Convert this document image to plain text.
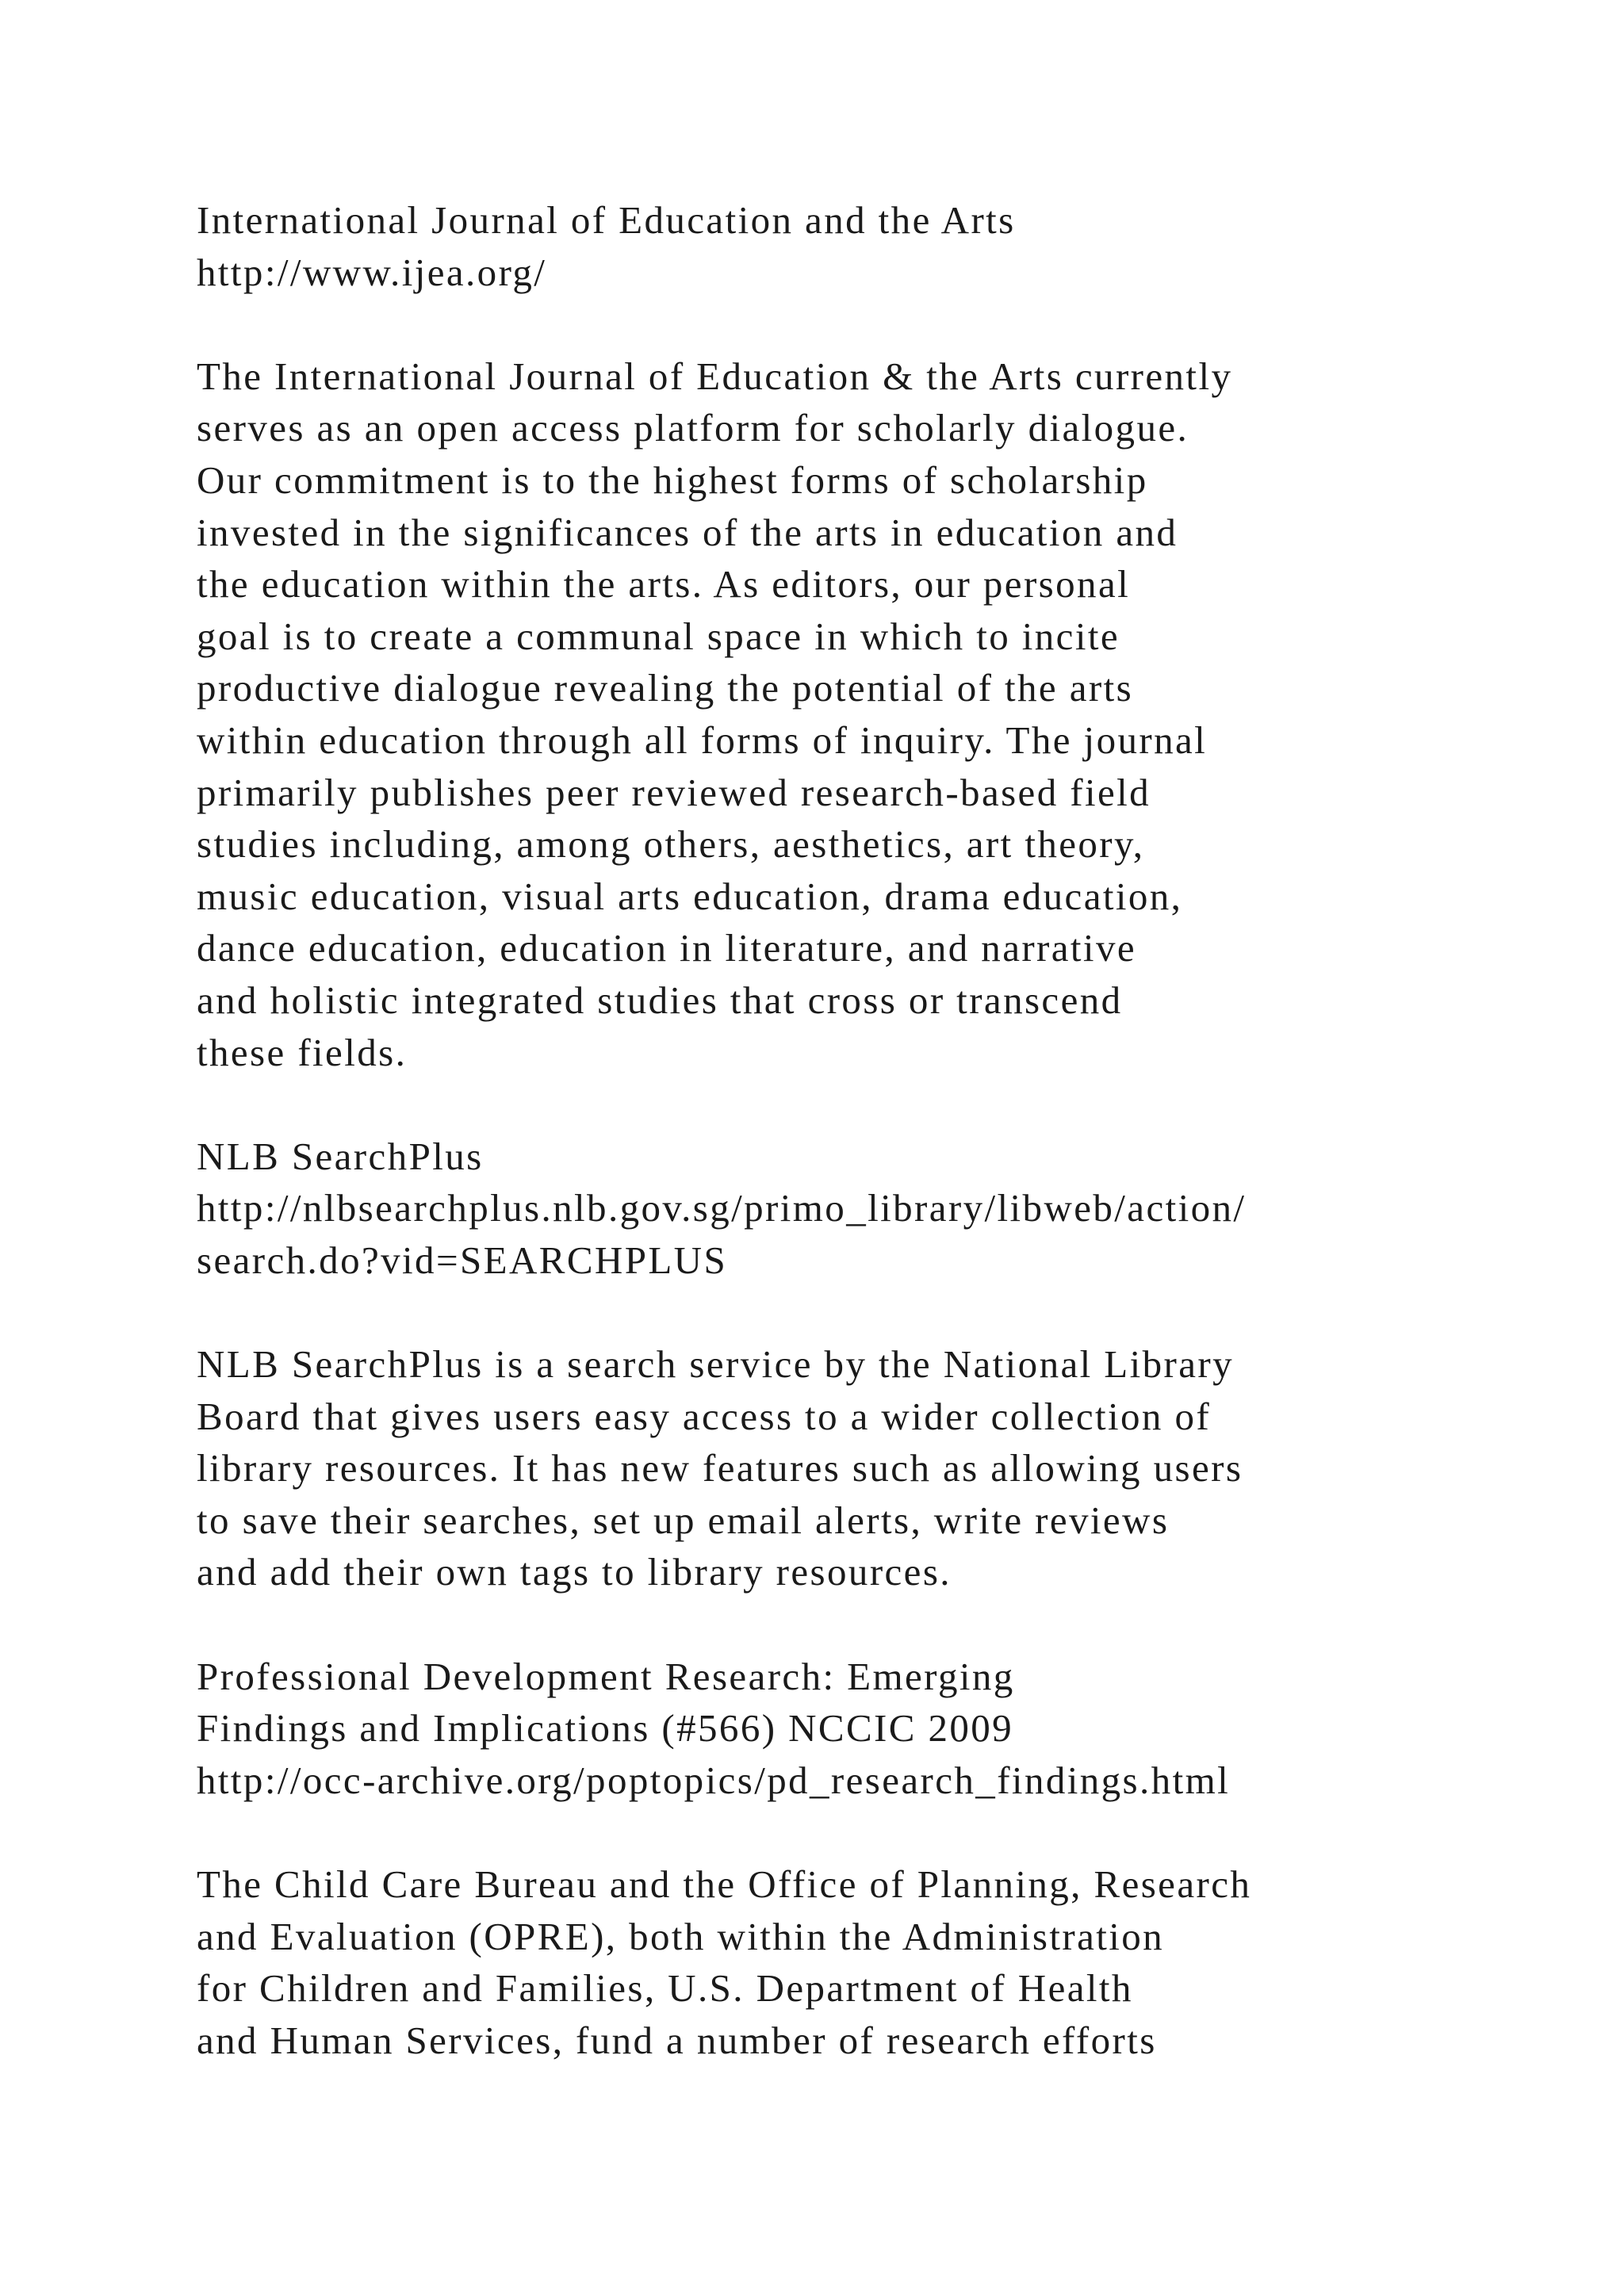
International Journal of Education and the Arts
http://www.ijea.org/
The International Journal of Education & the Arts currently
serves as an open access platform for scholarly dialogue.
Our commitment is to the highest forms of scholarship
invested in the significances of the arts in education and
the education within the arts. As editors, our personal
goal is to create a communal space in which to incite
productive dialogue revealing the potential of the arts
within education through all forms of inquiry. The journal
primarily publishes peer reviewed research-based field
studies including, among others, aesthetics, art theory,
music education, visual arts education, drama education,
dance education, education in literature, and narrative
and holistic integrated studies that cross or transcend
these fields.
NLB SearchPlus
http://nlbsearchplus.nlb.gov.sg/primo_library/libweb/action/
search.do?vid=SEARCHPLUS
NLB SearchPlus is a search service by the National Library
Board that gives users easy access to a wider collection of
library resources. It has new features such as allowing users
to save their searches, set up email alerts, write reviews
and add their own tags to library resources.
Professional Development Research: Emerging
Findings and Implications (#566) NCCIC 2009
http://occ-archive.org/poptopics/pd_research_findings.html
The Child Care Bureau and the Office of Planning, Research
and Evaluation (OPRE), both within the Administration
for Children and Families, U.S. Department of Health
and Human Services, fund a number of research efforts
